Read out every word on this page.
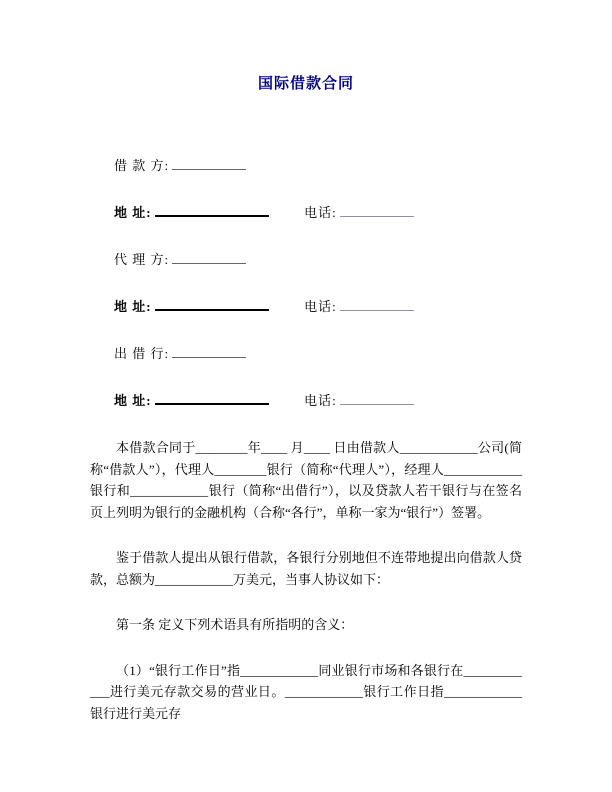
国际借款合同
借 款 方:
地 址:	电话:
代 理 方:
地 址:	电话:
出 借 行:
地 址:	电话:

本借款合同于________年____ 月____ 日由借款人____________公司(简称“借款人”），代理人________银行（简称“代理人”），经理人____________银行和____________银行（简称“出借行”），以及贷款人若干银行与在签名页上列明为银行的金融机构（合称“各行”，单称一家为“银行”）签署。

鉴于借款人提出从银行借款，各银行分别地但不连带地提出向借款人贷款，总额为____________万美元，当事人协议如下：

第一条 定义下列术语具有所指明的含义：

（1）“银行工作日”指____________同业银行市场和各银行在____________进行美元存款交易的营业日。____________银行工作日指____________银行进行美元存
